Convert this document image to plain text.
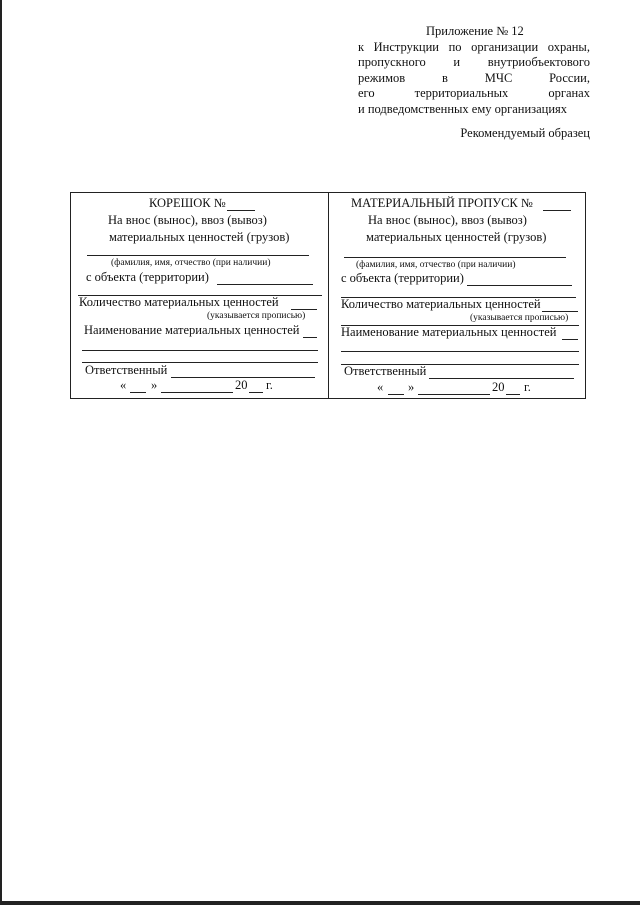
Приложение № 12
к Инструкции по организации охраны,
пропускного и внутриобъектового
режимов	в	МЧС	России,
его	территориальных	органах
и подведомственных ему организациях
Рекомендуемый образец
КОРЕШОК №
На внос (вынос), ввоз (вывоз)
материальных ценностей (грузов)
(фамилия, имя, отчество (при наличии)
с объекта (территории)
Количество материальных ценностей
(указывается прописью)
Наименование материальных ценностей
Ответственный
« »	20 г.
МАТЕРИАЛЬНЫЙ ПРОПУСК №
На внос (вынос), ввоз (вывоз)
материальных ценностей (грузов)
(фамилия, имя, отчество (при наличии)
с объекта (территории)
Количество материальных ценностей
(указывается прописью)
Наименование материальных ценностей
Ответственный
« »	20 г.
